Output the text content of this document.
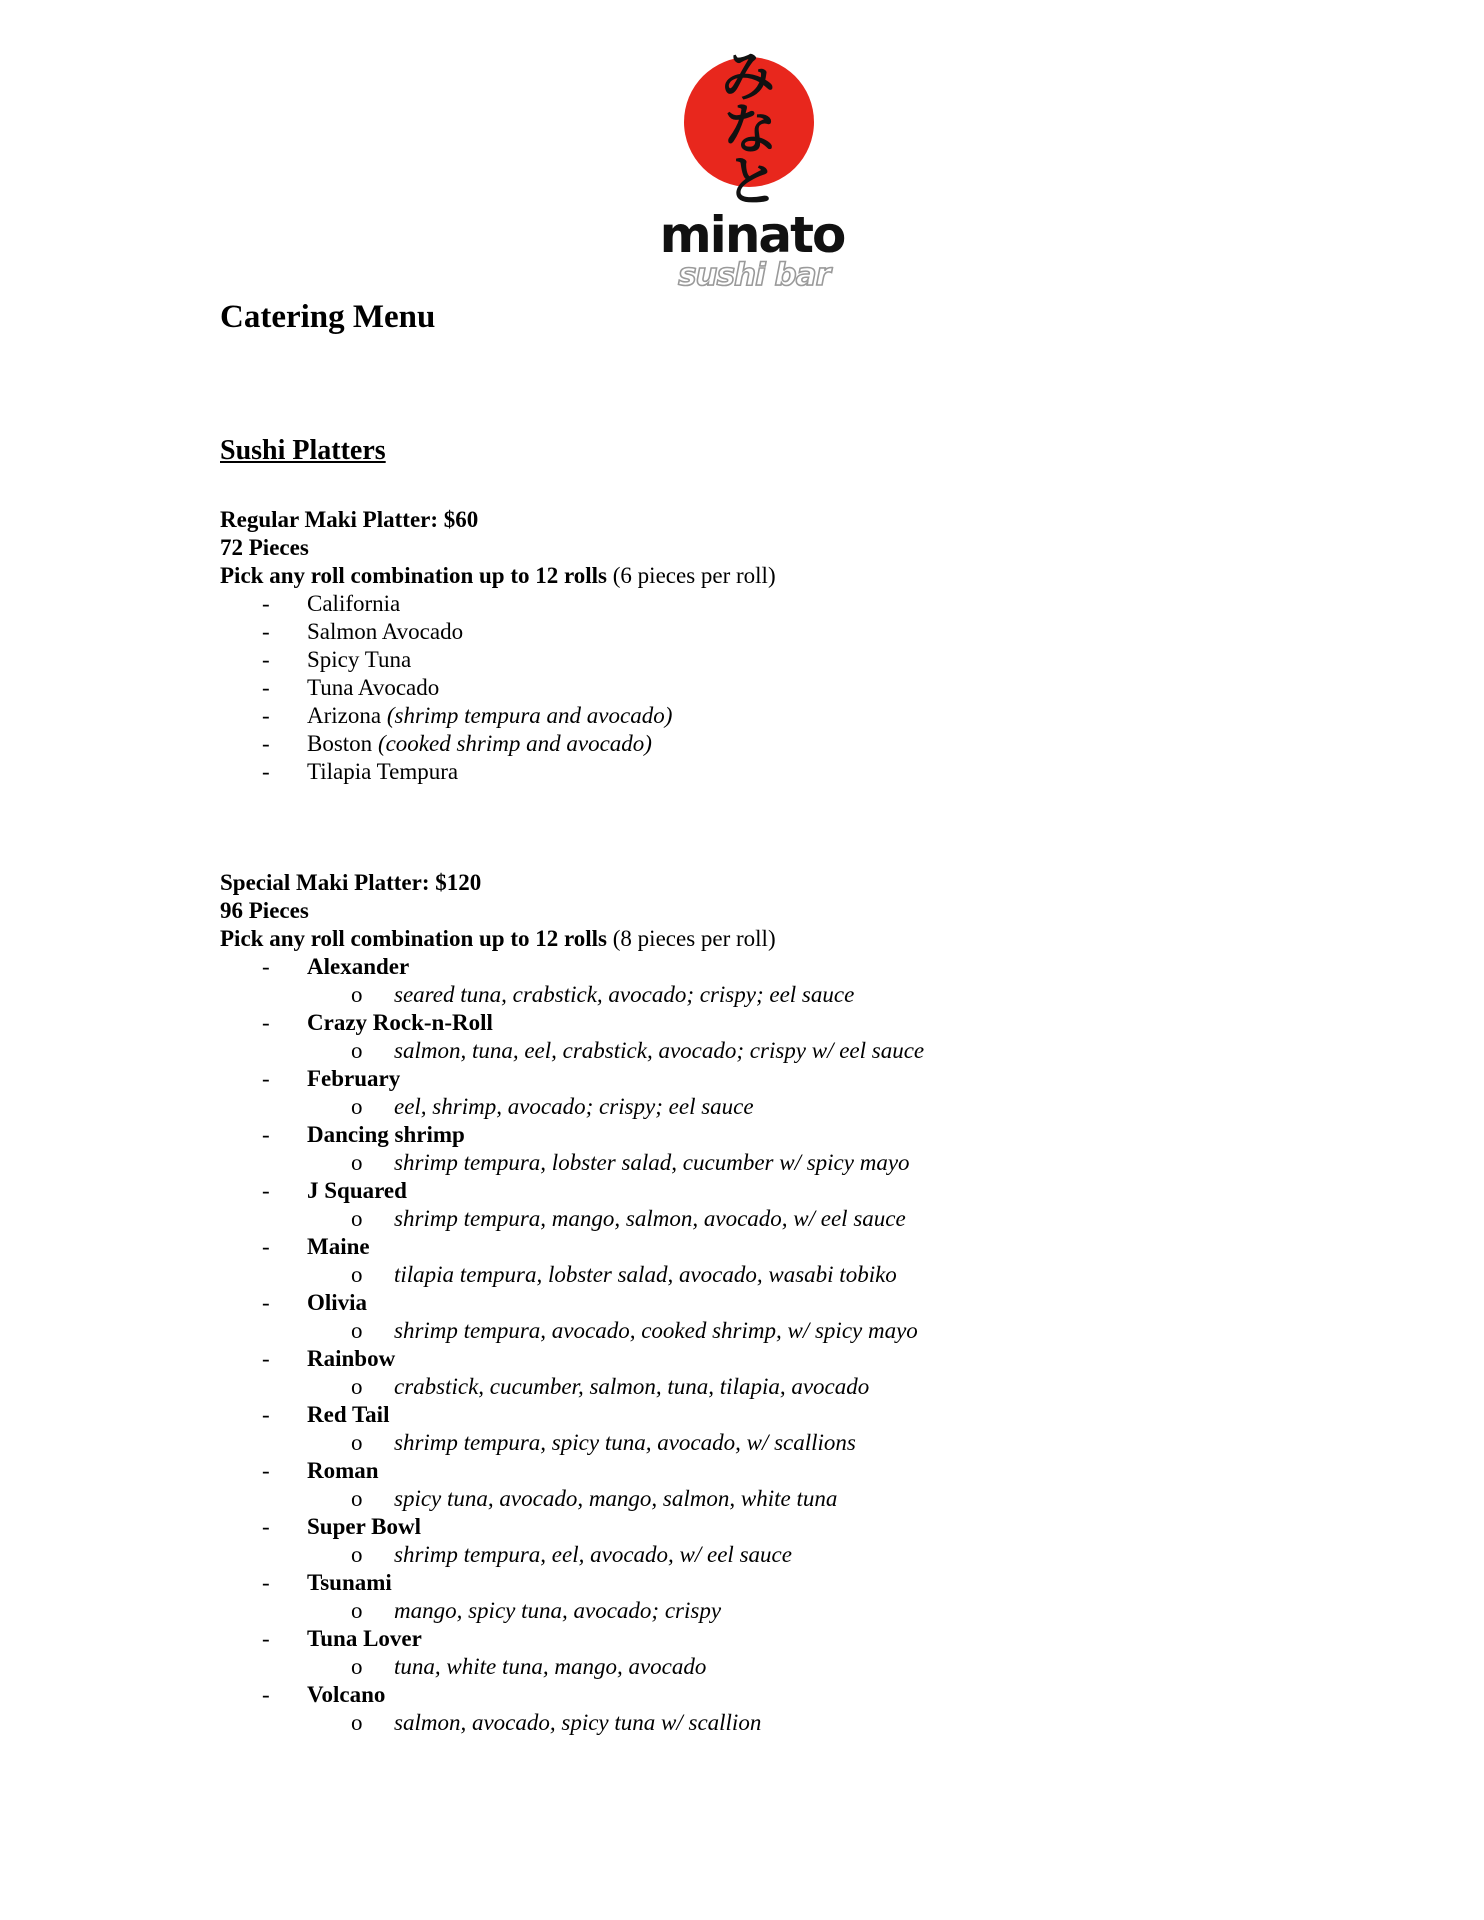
み
な
と
minato
sushi bar
Catering Menu
Sushi Platters
Regular Maki Platter: $60
72 Pieces
Pick any roll combination up to 12 rolls (6 pieces per roll)
- California
- Salmon Avocado
- Spicy Tuna
- Tuna Avocado
- Arizona (shrimp tempura and avocado)
- Boston (cooked shrimp and avocado)
- Tilapia Tempura
Special Maki Platter: $120
96 Pieces
Pick any roll combination up to 12 rolls (8 pieces per roll)
- Alexander
o seared tuna, crabstick, avocado; crispy; eel sauce
- Crazy Rock-n-Roll
o salmon, tuna, eel, crabstick, avocado; crispy w/ eel sauce
- February
o eel, shrimp, avocado; crispy; eel sauce
- Dancing shrimp
o shrimp tempura, lobster salad, cucumber w/ spicy mayo
- J Squared
o shrimp tempura, mango, salmon, avocado, w/ eel sauce
- Maine
o tilapia tempura, lobster salad, avocado, wasabi tobiko
- Olivia
o shrimp tempura, avocado, cooked shrimp, w/ spicy mayo
- Rainbow
o crabstick, cucumber, salmon, tuna, tilapia, avocado
- Red Tail
o shrimp tempura, spicy tuna, avocado, w/ scallions
- Roman
o spicy tuna, avocado, mango, salmon, white tuna
- Super Bowl
o shrimp tempura, eel, avocado, w/ eel sauce
- Tsunami
o mango, spicy tuna, avocado; crispy
- Tuna Lover
o tuna, white tuna, mango, avocado
- Volcano
o salmon, avocado, spicy tuna w/ scallion
